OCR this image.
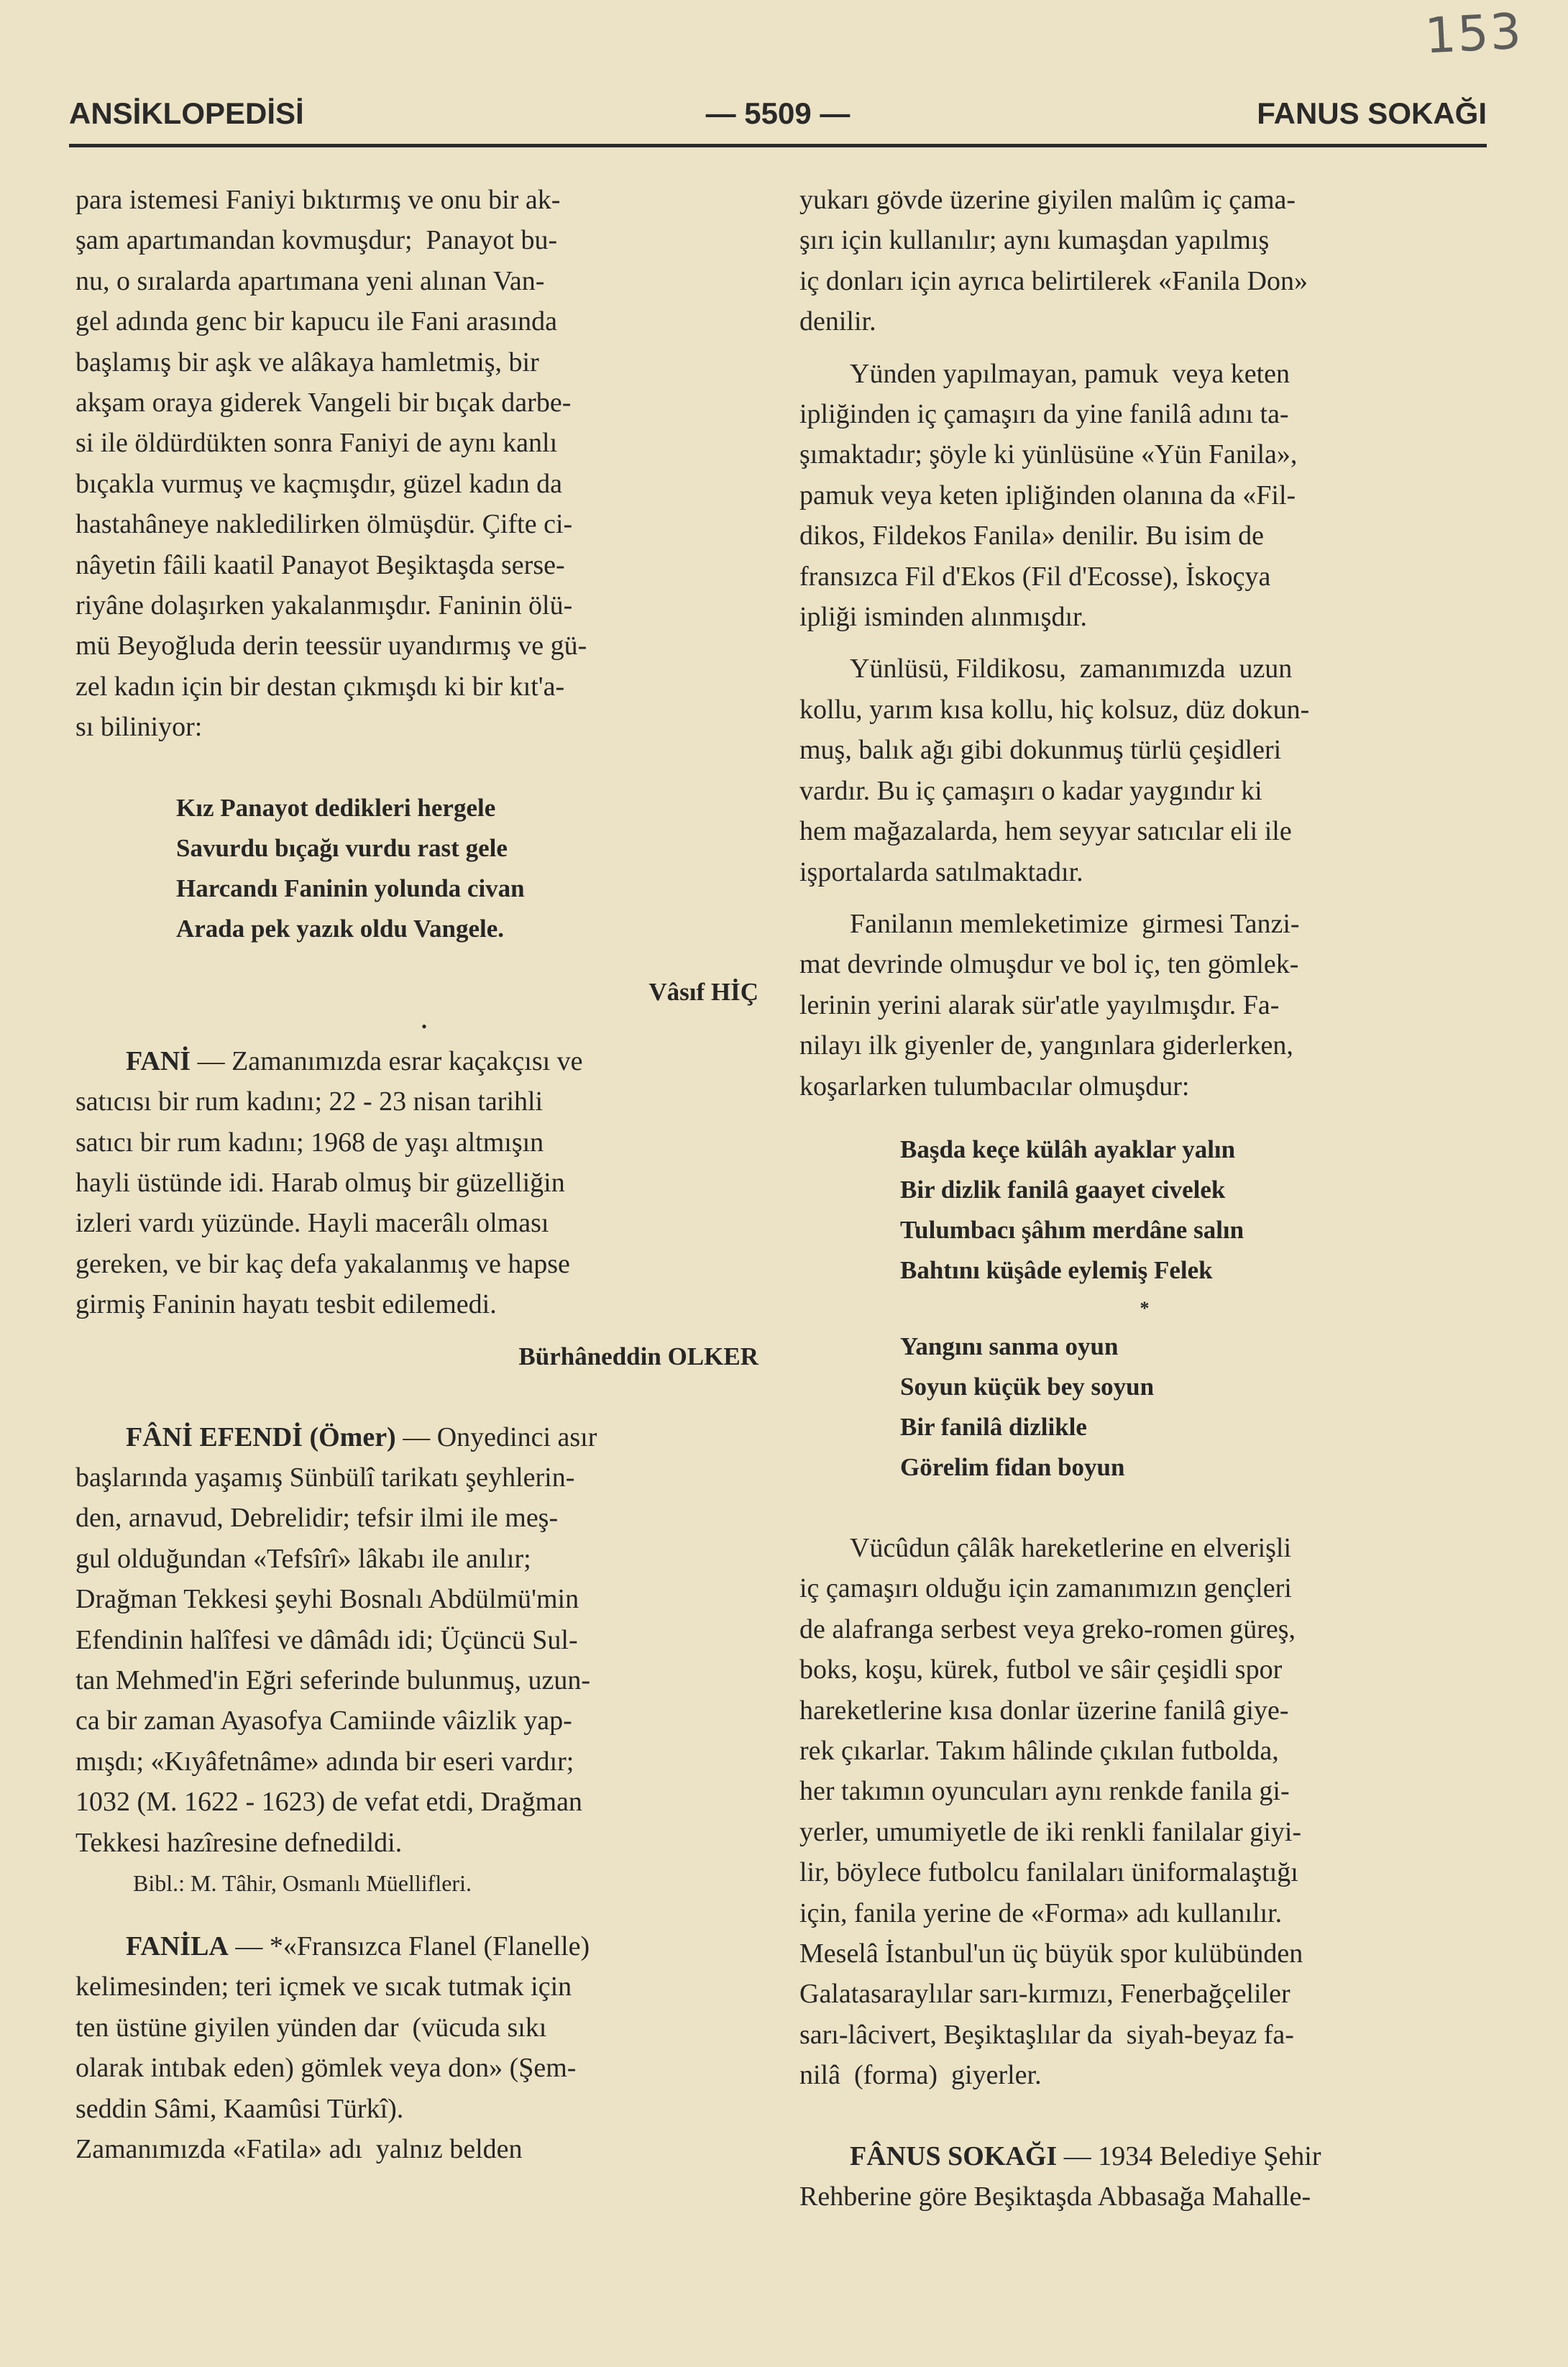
153
ANSİKLOPEDİSİ	— 5509 —	FANUS SOKAĞI

para istemesi Faniyi bıktırmış ve onu bir ak-
şam apartımandan kovmuşdur;  Panayot bu-
nu, o sıralarda apartımana yeni alınan Van-
gel adında genc bir kapucu ile Fani arasında
başlamış bir aşk ve alâkaya hamletmiş, bir
akşam oraya giderek Vangeli bir bıçak darbe-
si ile öldürdükten sonra Faniyi de aynı kanlı
bıçakla vurmuş ve kaçmışdır, güzel kadın da
hastahâneye nakledilirken ölmüşdür. Çifte ci-
nâyetin fâili kaatil Panayot Beşiktaşda serse-
riyâne dolaşırken yakalanmışdır. Faninin ölü-
mü Beyoğluda derin teessür uyandırmış ve gü-
zel kadın için bir destan çıkmışdı ki bir kıt'a-
sı biliniyor:

Kız Panayot dedikleri hergele
Savurdu bıçağı vurdu rast gele
Harcandı Faninin yolunda civan
Arada pek yazık oldu Vangele.
Vâsıf HİÇ
•

FANİ — Zamanımızda esrar kaçakçısı ve
satıcısı bir rum kadını; 22 - 23 nisan tarihli
satıcı bir rum kadını; 1968 de yaşı altmışın
hayli üstünde idi. Harab olmuş bir güzelliğin
izleri vardı yüzünde. Hayli macerâlı olması
gereken, ve bir kaç defa yakalanmış ve hapse
girmiş Faninin hayatı tesbit edilemedi.

Bürhâneddin OLKER

FÂNİ EFENDİ (Ömer) — Onyedinci asır
başlarında yaşamış Sünbülî tarikatı şeyhlerin-
den, arnavud, Debrelidir; tefsir ilmi ile meş-
gul olduğundan «Tefsîrî» lâkabı ile anılır;
Drağman Tekkesi şeyhi Bosnalı Abdülmü'min
Efendinin halîfesi ve dâmâdı idi; Üçüncü Sul-
tan Mehmed'in Eğri seferinde bulunmuş, uzun-
ca bir zaman Ayasofya Camiinde vâizlik yap-
mışdı; «Kıyâfetnâme» adında bir eseri vardır;
1032 (M. 1622 - 1623) de vefat etdi, Drağman
Tekkesi hazîresine defnedildi.

Bibl.: M. Tâhir, Osmanlı Müellifleri.

FANİLA — *«Fransızca Flanel (Flanelle)
kelimesinden; teri içmek ve sıcak tutmak için
ten üstüne giyilen yünden dar  (vücuda sıkı
olarak intıbak eden) gömlek veya don» (Şem-
seddin Sâmi, Kaamûsi Türkî).
Zamanımızda «Fatila» adı  yalnız belden

yukarı gövde üzerine giyilen malûm iç çama-
şırı için kullanılır; aynı kumaşdan yapılmış
iç donları için ayrıca belirtilerek «Fanila Don»
denilir.

Yünden yapılmayan, pamuk  veya keten
ipliğinden iç çamaşırı da yine fanilâ adını ta-
şımaktadır; şöyle ki yünlüsüne «Yün Fanila»,
pamuk veya keten ipliğinden olanına da «Fil-
dikos, Fildekos Fanila» denilir. Bu isim de
fransızca Fil d'Ekos (Fil d'Ecosse), İskoçya
ipliği isminden alınmışdır.

Yünlüsü, Fildikosu,  zamanımızda  uzun
kollu, yarım kısa kollu, hiç kolsuz, düz dokun-
muş, balık ağı gibi dokunmuş türlü çeşidleri
vardır. Bu iç çamaşırı o kadar yaygındır ki
hem mağazalarda, hem seyyar satıcılar eli ile
işportalarda satılmaktadır.

Fanilanın memleketimize  girmesi Tanzi-
mat devrinde olmuşdur ve bol iç, ten gömlek-
lerinin yerini alarak sür'atle yayılmışdır. Fa-
nilayı ilk giyenler de, yangınlara giderlerken,
koşarlarken tulumbacılar olmuşdur:

Başda keçe külâh ayaklar yalın
Bir dizlik fanilâ gaayet civelek
Tulumbacı şâhım merdâne salın
Bahtını küşâde eylemiş Felek
*
Yangını sanma oyun
Soyun küçük bey soyun
Bir fanilâ dizlikle
Görelim fidan boyun

Vücûdun çâlâk hareketlerine en elverişli
iç çamaşırı olduğu için zamanımızın gençleri
de alafranga serbest veya greko-romen güreş,
boks, koşu, kürek, futbol ve sâir çeşidli spor
hareketlerine kısa donlar üzerine fanilâ giye-
rek çıkarlar. Takım hâlinde çıkılan futbolda,
her takımın oyuncuları aynı renkde fanila gi-
yerler, umumiyetle de iki renkli fanilalar giyi-
lir, böylece futbolcu fanilaları üniformalaştığı
için, fanila yerine de «Forma» adı kullanılır.
Meselâ İstanbul'un üç büyük spor kulübünden
Galatasaraylılar sarı-kırmızı, Fenerbağçeliler
sarı-lâcivert, Beşiktaşlılar da  siyah-beyaz fa-
nilâ  (forma)  giyerler.

FÂNUS SOKAĞI — 1934 Belediye Şehir
Rehberine göre Beşiktaşda Abbasağa Mahalle-
